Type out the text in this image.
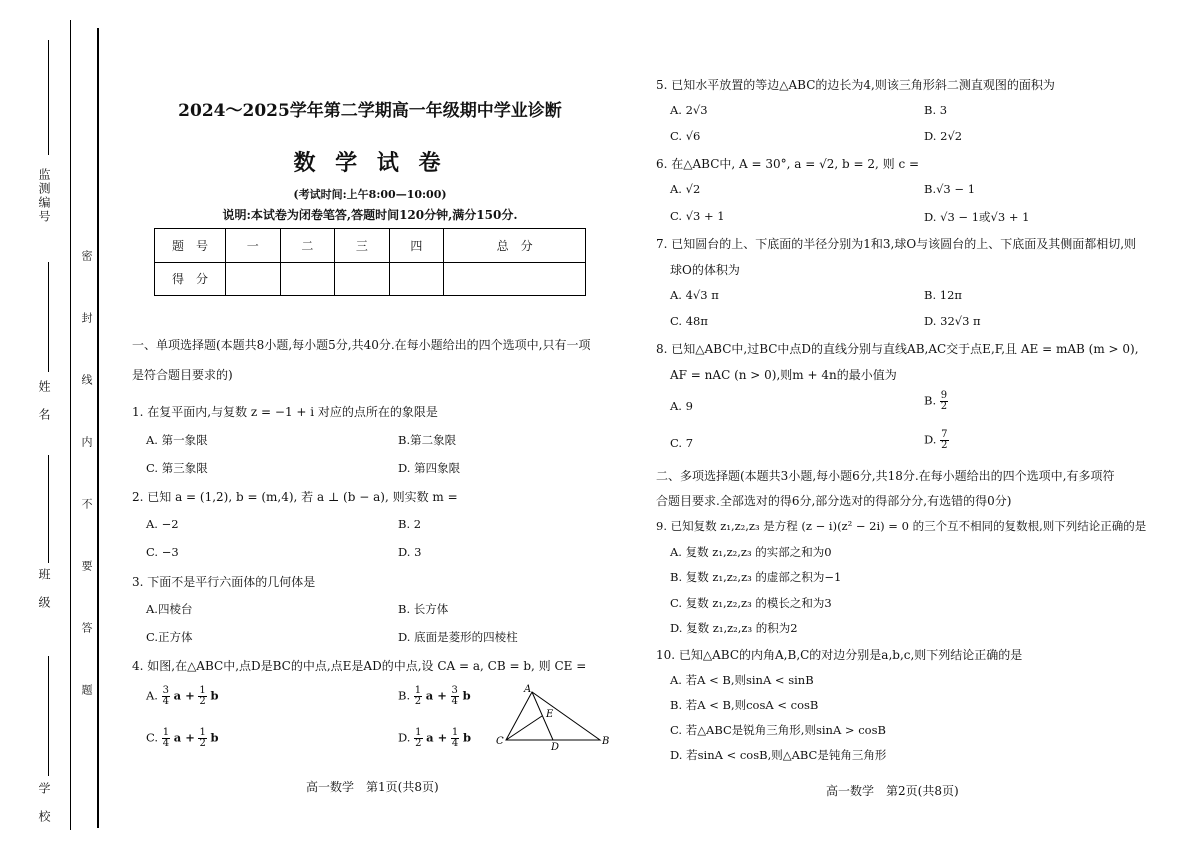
监测编号
姓　名
班　级
学　校
密　封　线　内　不　要　答　题
2024～2025学年第二学期高一年级期中学业诊断
数 学 试 卷
(考试时间:上午8:00—10:00)
说明:本试卷为闭卷笔答,答题时间120分钟,满分150分.
题　号	一	二	三	四	总　分
得　分					
一、单项选择题(本题共8小题,每小题5分,共40分.在每小题给出的四个选项中,只有一项
是符合题目要求的)
1. 在复平面内,与复数 z = −1 + i 对应的点所在的象限是
A. 第一象限	B.第二象限
C. 第三象限	D. 第四象限
2. 已知 a = (1,2), b = (m,4), 若 a ⊥ (b − a), 则实数 m =
A. −2	B. 2
C. −3	D. 3
3. 下面不是平行六面体的几何体是
A.四棱台	B. 长方体
C.正方体	D. 底面是菱形的四棱柱
4. 如图,在△ABC中,点D是BC的中点,点E是AD的中点,设 CA = a, CB = b, 则 CE =
A. $\frac{3}{4}$ $a + \frac{1}{2}$ b	B. $\frac{1}{2}$ $a + \frac{3}{4}$ b
C. $\frac{1}{4}$ $a + \frac{1}{2}$ b	D. $\frac{1}{2}$ $a + \frac{1}{4}$ b
A
C	B
D
E
高一数学　第1页(共8页)
5. 已知水平放置的等边△ABC的边长为4,则该三角形斜二测直观图的面积为
A. 2√3	B. 3
C. √6	D. 2√2
6. 在△ABC中, A = 30°, a = √2, b = 2, 则 c =
A. √2	B.√3 − 1
C. √3 + 1	D. √3 − 1或√3 + 1
7. 已知圆台的上、下底面的半径分别为1和3,球O与该圆台的上、下底面及其侧面都相切,则
球O的体积为
A. 4√3 π	B. 12π
C. 48π	D. 32√3 π
8. 已知△ABC中,过BC中点D的直线分别与直线AB,AC交于点E,F,且 AE = mAB (m > 0),
AF = nAC (n > 0),则m + 4n的最小值为
A. 9	B. $\frac{9}{2}$
C. 7	D. $\frac{7}{2}$
二、多项选择题(本题共3小题,每小题6分,共18分.在每小题给出的四个选项中,有多项符
合题目要求.全部选对的得6分,部分选对的得部分分,有选错的得0分)
9. 已知复数 z₁,z₂,z₃ 是方程 (z − i)(z² − 2i) = 0 的三个互不相同的复数根,则下列结论正确的是
A. 复数 z₁,z₂,z₃ 的实部之和为0
B. 复数 z₁,z₂,z₃ 的虚部之积为−1
C. 复数 z₁,z₂,z₃ 的模长之和为3
D. 复数 z₁,z₂,z₃ 的积为2
10. 已知△ABC的内角A,B,C的对边分别是a,b,c,则下列结论正确的是
A. 若A < B,则sinA < sinB
B. 若A < B,则cosA < cosB
C. 若△ABC是锐角三角形,则sinA > cosB
D. 若sinA < cosB,则△ABC是钝角三角形
高一数学　第2页(共8页)
